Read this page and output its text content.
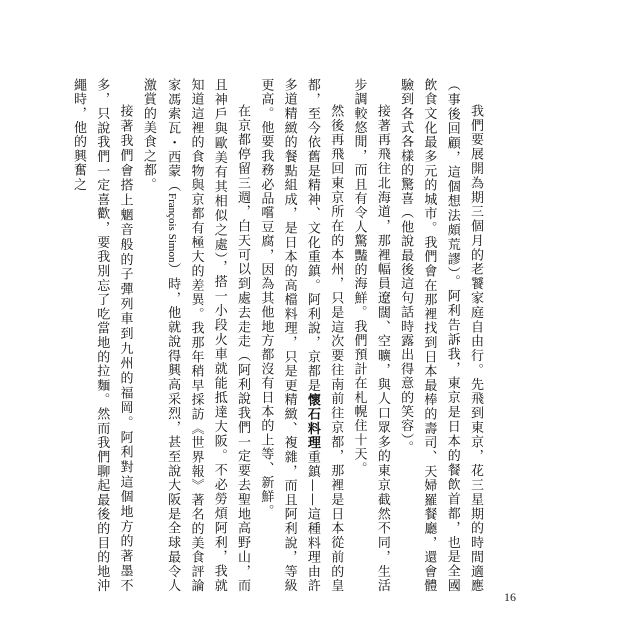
我們要展開為期三個月的老饕家庭自由行。先飛到東京，花三星期的時間適應（事後回顧，這個想法頗荒謬）。阿利告訴我，東京是日本的餐飲首都，也是全國飲食文化最多元的城市。我們會在那裡找到日本最棒的壽司、天婦羅餐廳，還會體驗到各式各樣的驚喜（他說最後這句話時露出得意的笑容）。

接著再飛往北海道，那裡幅員遼闊、空曠，與人口眾多的東京截然不同，生活步調較悠閒，而且有令人驚豔的海鮮。我們預計在札幌住十天。

然後再飛回東京所在的本州，只是這次要往南前往京都，那裡是日本從前的皇都，至今依舊是精神、文化重鎮。阿利說，京都是懷石料理重鎮——這種料理由許多道精緻的餐點組成，是日本的高檔料理，只是更精緻、複雜，而且阿利說，等級更高。他要我務必品嚐豆腐，因為其他地方都沒有日本的上等、新鮮。

在京都停留三週，白天可以到處去走走（阿利說我們一定要去聖地高野山，而且神戶與歐美有其相似之處），搭一小段火車就能抵達大阪。不必勞煩阿利，我就知道這裡的食物與京都有極大的差異。我那年稍早採訪《世界報》著名的美食評論家馮索瓦・西蒙（François Simon）時，他就說得興高采烈，甚至說大阪是全球最令人激賞的美食之都。

接著我們會搭上魍音般的子彈列車到九州的福岡。阿利對這個地方的著墨不多，只說我們一定喜歡，要我別忘了吃當地的拉麵。然而我們聊起最後的目的地沖繩時，他的興奮之

16
